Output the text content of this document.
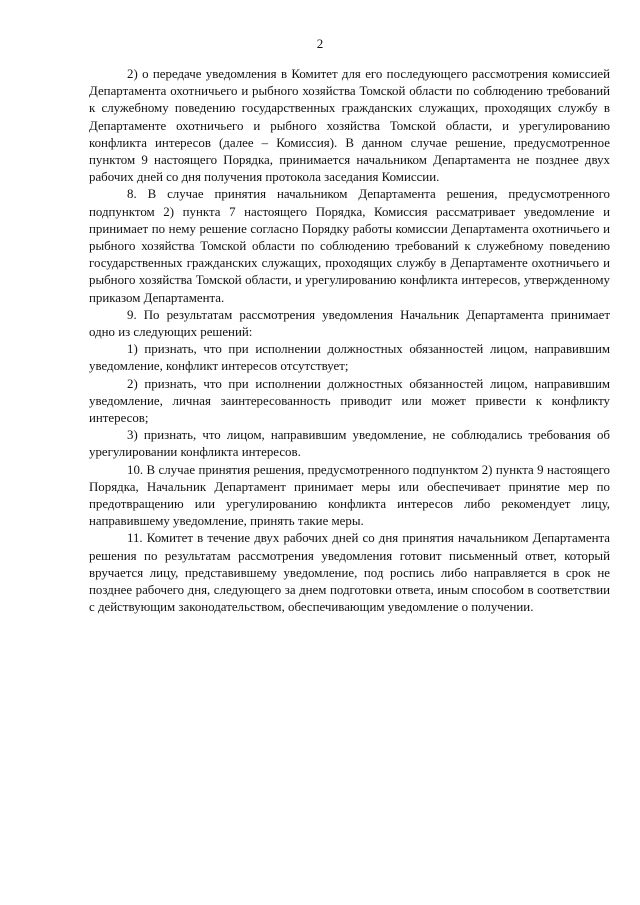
2

2) о передаче уведомления в Комитет для его последующего рассмотрения комиссией Департамента охотничьего и рыбного хозяйства Томской области по соблюдению требований к служебному поведению государственных гражданских служащих, проходящих службу в Департаменте охотничьего и рыбного хозяйства Томской области, и урегулированию конфликта интересов (далее – Комиссия). В данном случае решение, предусмотренное пунктом 9 настоящего Порядка, принимается начальником Департамента не позднее двух рабочих дней со дня получения протокола заседания Комиссии.

8. В случае принятия начальником Департамента решения, предусмотренного подпунктом 2) пункта 7 настоящего Порядка, Комиссия рассматривает уведомление и принимает по нему решение согласно Порядку работы комиссии Департамента охотничьего и рыбного хозяйства Томской области по соблюдению требований к служебному поведению государственных гражданских служащих, проходящих службу в Департаменте охотничьего и рыбного хозяйства Томской области, и урегулированию конфликта интересов, утвержденному приказом Департамента.

9. По результатам рассмотрения уведомления Начальник Департамента принимает одно из следующих решений:

1) признать, что при исполнении должностных обязанностей лицом, направившим уведомление, конфликт интересов отсутствует;

2) признать, что при исполнении должностных обязанностей лицом, направившим уведомление, личная заинтересованность приводит или может привести к конфликту интересов;

3) признать, что лицом, направившим уведомление, не соблюдались требования об урегулировании конфликта интересов.

10. В случае принятия решения, предусмотренного подпунктом 2) пункта 9 настоящего Порядка, Начальник Департамент принимает меры или обеспечивает принятие мер по предотвращению или урегулированию конфликта интересов либо рекомендует лицу, направившему уведомление, принять такие меры.

11. Комитет в течение двух рабочих дней со дня принятия начальником Департамента решения по результатам рассмотрения уведомления готовит письменный ответ, который вручается лицу, представившему уведомление, под роспись либо направляется в срок не позднее рабочего дня, следующего за днем подготовки ответа, иным способом в соответствии с действующим законодательством, обеспечивающим уведомление о получении.
